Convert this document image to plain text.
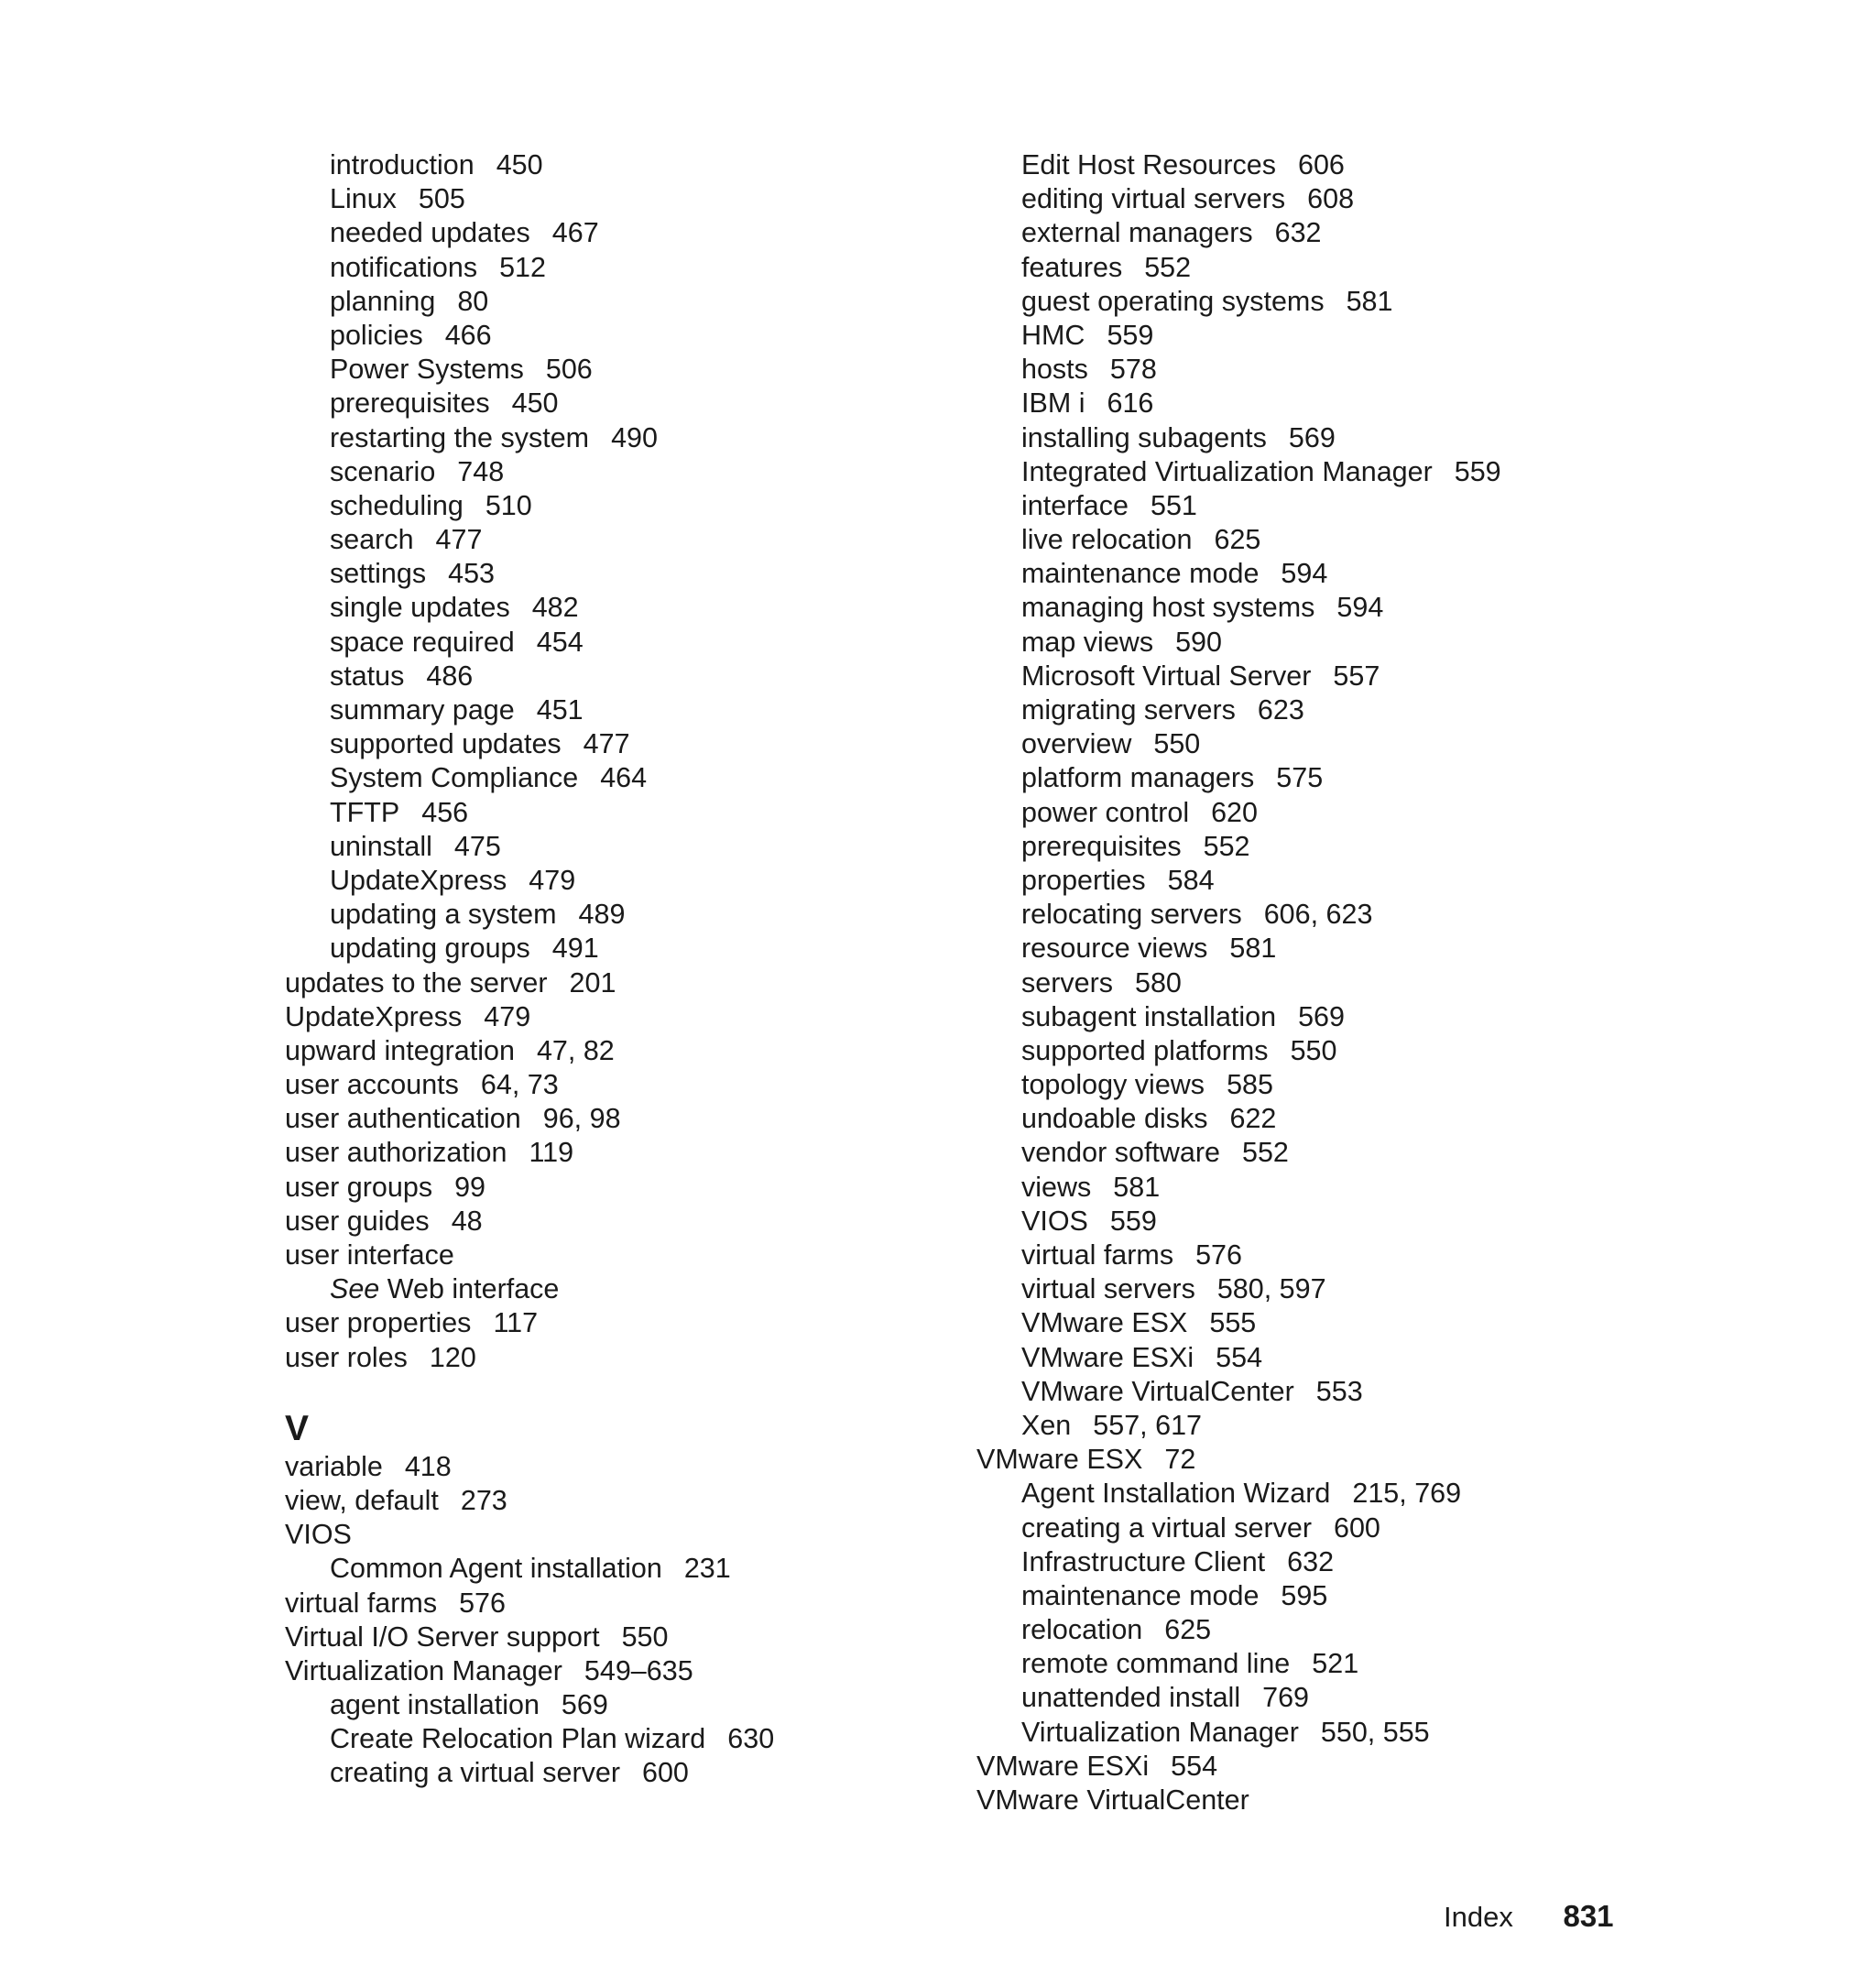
introduction 450
Linux 505
needed updates 467
notifications 512
planning 80
policies 466
Power Systems 506
prerequisites 450
restarting the system 490
scenario 748
scheduling 510
search 477
settings 453
single updates 482
space required 454
status 486
summary page 451
supported updates 477
System Compliance 464
TFTP 456
uninstall 475
UpdateXpress 479
updating a system 489
updating groups 491
updates to the server 201
UpdateXpress 479
upward integration 47, 82
user accounts 64, 73
user authentication 96, 98
user authorization 119
user groups 99
user guides 48
user interface
See Web interface
user properties 117
user roles 120
V
variable 418
view, default 273
VIOS
Common Agent installation 231
virtual farms 576
Virtual I/O Server support 550
Virtualization Manager 549–635
agent installation 569
Create Relocation Plan wizard 630
creating a virtual server 600
Edit Host Resources 606
editing virtual servers 608
external managers 632
features 552
guest operating systems 581
HMC 559
hosts 578
IBM i 616
installing subagents 569
Integrated Virtualization Manager 559
interface 551
live relocation 625
maintenance mode 594
managing host systems 594
map views 590
Microsoft Virtual Server 557
migrating servers 623
overview 550
platform managers 575
power control 620
prerequisites 552
properties 584
relocating servers 606, 623
resource views 581
servers 580
subagent installation 569
supported platforms 550
topology views 585
undoable disks 622
vendor software 552
views 581
VIOS 559
virtual farms 576
virtual servers 580, 597
VMware ESX 555
VMware ESXi 554
VMware VirtualCenter 553
Xen 557, 617
VMware ESX 72
Agent Installation Wizard 215, 769
creating a virtual server 600
Infrastructure Client 632
maintenance mode 595
relocation 625
remote command line 521
unattended install 769
Virtualization Manager 550, 555
VMware ESXi 554
VMware VirtualCenter
Index 831
